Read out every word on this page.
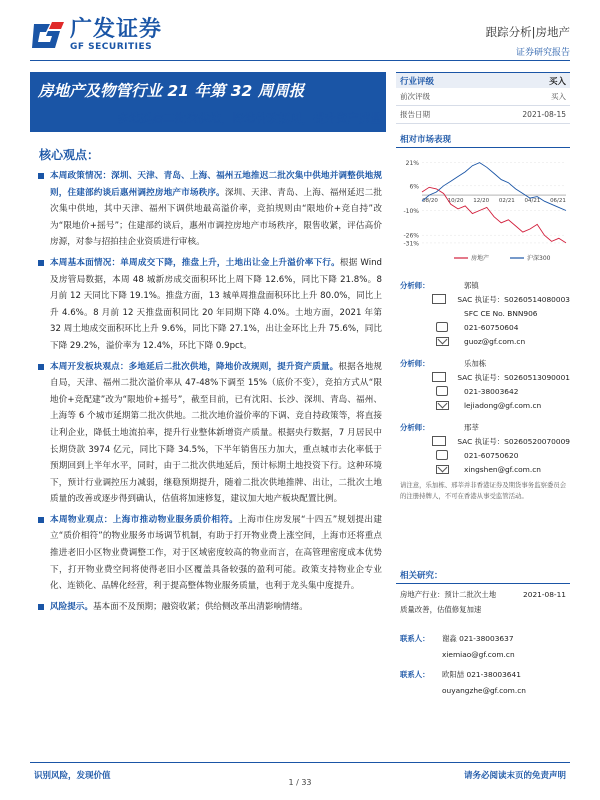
广发证券
GF SECURITIES
跟踪分析|房地产
证券研究报告
房地产及物管行业 21 年第 32 周周报
多地延后二批次供地，降地价改规则，提升资产质量
核心观点：
本周政策情况：深圳、天津、青岛、上海、福州五地推迟二批次集中供地并调整供地规则，住建部约谈后惠州调控房地产市场秩序。深圳、天津、青岛、上海、福州延迟二批次集中供地，其中天津、福州下调供地最高溢价率，竞拍规则由“限地价+竞自持”改为“限地价+摇号”；住建部约谈后，惠州市调控房地产市场秩序，限售收紧，评估高价房源，对参与招拍挂企业资质进行审核。
本周基本面情况：单周成交下降，推盘上升，土地出让金上升溢价率下行。根据 Wind 及房管局数据，本周 48 城新房成交面积环比上周下降 12.6%，同比下降 21.8%。8 月前 12 天同比下降 19.1%。推盘方面，13 城单周推盘面积环比上升 80.0%，同比上升 4.6%。8 月前 12 天推盘面积同比 20 年同期下降 4.0%。土地方面，2021 年第 32 周土地成交面积环比上升 9.6%，同比下降 27.1%，出让金环比上升 75.6%，同比下降 29.2%，溢价率为 12.4%，环比下降 0.9pct。
本周开发板块观点：多地延后二批次供地，降地价改规则，提升资产质量。根据各地规自局，天津、福州二批次溢价率从 47-48%下调至 15%（底价不变），竞拍方式从“限地价+竞配建”改为“限地价+摇号”，截至目前，已有沈阳、长沙、深圳、青岛、福州、上海等 6 个城市延期第二批次供地。二批次地价溢价率的下调、竞自持政策等，将直接让利企业，降低土地流拍率，提升行业整体新增资产质量。根据央行数据，7 月居民中长期贷款 3974 亿元，同比下降 34.5%，下半年销售压力加大，重点城市去化率低于预期回到上半年水平，同时，由于二批次供地延后，预计标期土地投资下行。这种环境下，预计行业调控压力减弱，继稳预期提升，随着二批次供地推牌、出让，二批次土地质量的改善或逐步得到确认，估值将加速修复，建议加大地产板块配置比例。
本周物业观点：上海市推动物业服务质价相符。上海市住房发展“十四五”规划提出建立“质价相符”的物业服务市场调节机制，有助于打开物业费上涨空间，上海市还将重点推进老旧小区物业费调整工作，对于区域密度较高的物业而言，在高管理密度成本优势下，打开物业费空间将使得老旧小区覆盖具备较强的盈利可能。政策支持物业企专业化、连锁化、品牌化经营，利于提高整体物业服务质量，也利于龙头集中度提升。
风险提示。基本面不及预期；融资收紧；供给侧改革出清影响情绪。
行业评级	买入
前次评级	买入
报告日期	2021-08-15
相对市场表现
21%
6%
-10%
-26%
-31%
08/20 10/20 12/20 02/21 04/21 06/21
房地产	沪深300
分析师：	郭镇
SAC 执证号：S0260514080003
SFC CE No. BNN906
021-60750604
guoz@gf.com.cn
分析师：	乐加栋
SAC 执证号：S0260513090001
021-38003642
lejiadong@gf.com.cn
分析师：	邢莘
SAC 执证号：S0260520070009
021-60750620
xingshen@gf.com.cn
请注意，乐加栋、邢莘并非香港证券及期货事务监察委员会的注册持牌人，不可在香港从事受监管活动。
相关研究：
房地产行业：预计二批次土地	2021-08-11
质量改善，估值修复加速
联系人：	谢淼 021-38003637
xiemiao@gf.com.cn
联系人：	欧阳喆 021-38003641
ouyangzhe@gf.com.cn
识别风险，发现价值	请务必阅读末页的免责声明
1 / 33
